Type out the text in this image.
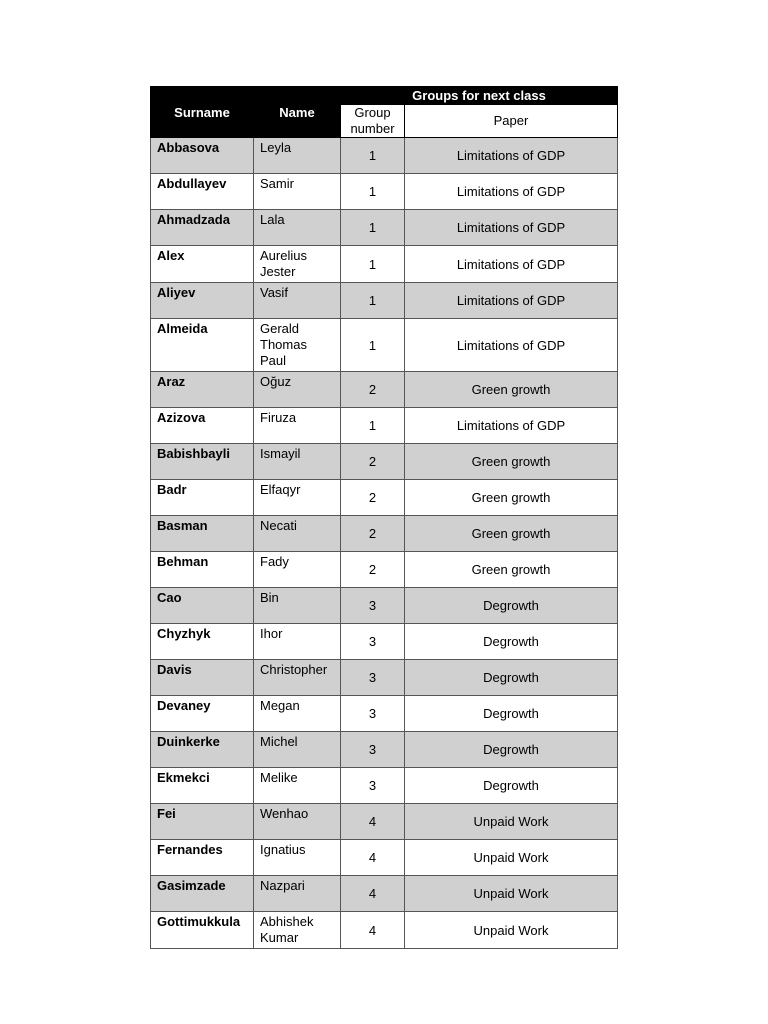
Surname	Name	Groups for next class	
		Group number	Paper
Abbasova	Leyla	1	Limitations of GDP
Abdullayev	Samir	1	Limitations of GDP
Ahmadzada	Lala	1	Limitations of GDP
Alex	Aurelius Jester	1	Limitations of GDP
Aliyev	Vasif	1	Limitations of GDP
Almeida	Gerald Thomas Paul	1	Limitations of GDP
Araz	Oğuz	2	Green growth
Azizova	Firuza	1	Limitations of GDP
Babishbayli	Ismayil	2	Green growth
Badr	Elfaqyr	2	Green growth
Basman	Necati	2	Green growth
Behman	Fady	2	Green growth
Cao	Bin	3	Degrowth
Chyzhyk	Ihor	3	Degrowth
Davis	Christopher	3	Degrowth
Devaney	Megan	3	Degrowth
Duinkerke	Michel	3	Degrowth
Ekmekci	Melike	3	Degrowth
Fei	Wenhao	4	Unpaid Work
Fernandes	Ignatius	4	Unpaid Work
Gasimzade	Nazpari	4	Unpaid Work
Gottimukkula	Abhishek Kumar	4	Unpaid Work
